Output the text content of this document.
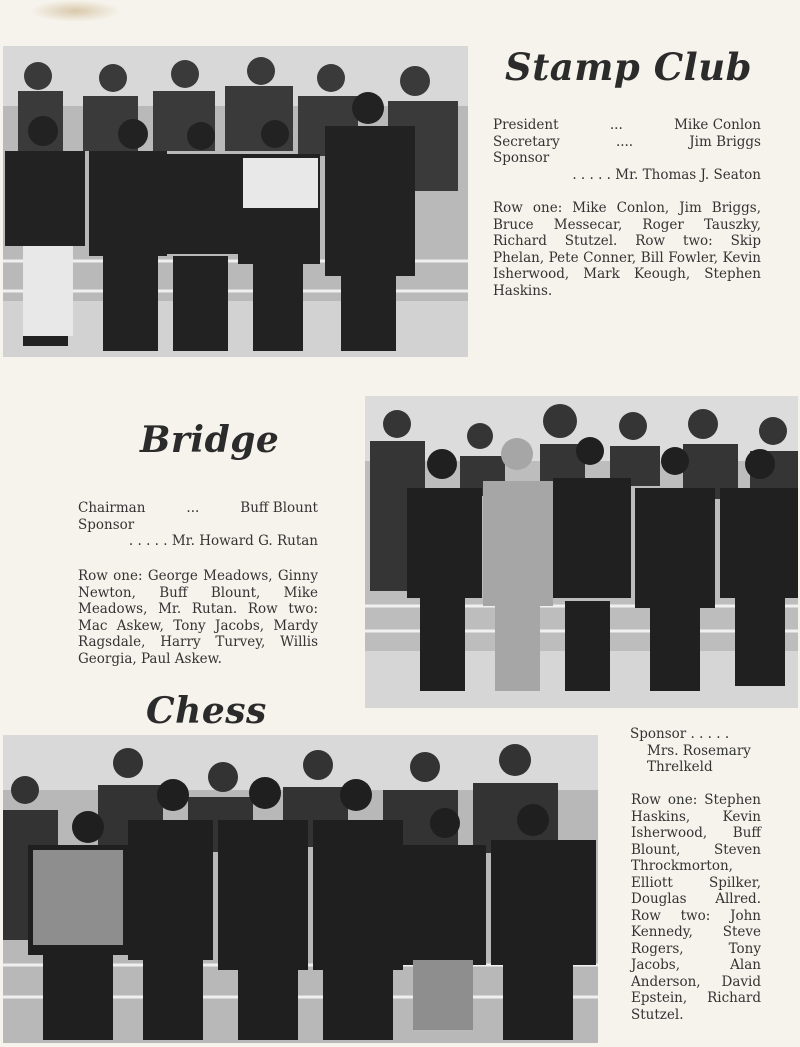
Stamp Club
President	...	Mike Conlon
Secretary	....	Jim Briggs

Sponsor

. . . . . Mr. Thomas J. Seaton

Row one: Mike Conlon, Jim Briggs, Bruce Messecar, Roger Tauszky, Richard Stutzel. Row two: Skip Phelan, Pete Conner, Bill Fowler, Kevin Isherwood, Mark Keough, Stephen Haskins.
Bridge
Chairman	...	Buff Blount

Sponsor

. . . . . Mr. Howard G. Rutan

Row one: George Meadows, Ginny Newton, Buff Blount, Mike Meadows, Mr. Rutan. Row two: Mac Askew, Tony Jacobs, Mardy Ragsdale, Harry Turvey, Willis Georgia, Paul Askew.
Chess

Sponsor . . . . .

Mrs. Rosemary

Threlkeld

Row one: Stephen Haskins, Kevin Isherwood, Buff Blount, Steven Throckmorton, Elliott Spilker, Douglas Allred. Row two: John Kennedy, Steve Rogers, Tony Jacobs, Alan Anderson, David Epstein, Richard Stutzel.
